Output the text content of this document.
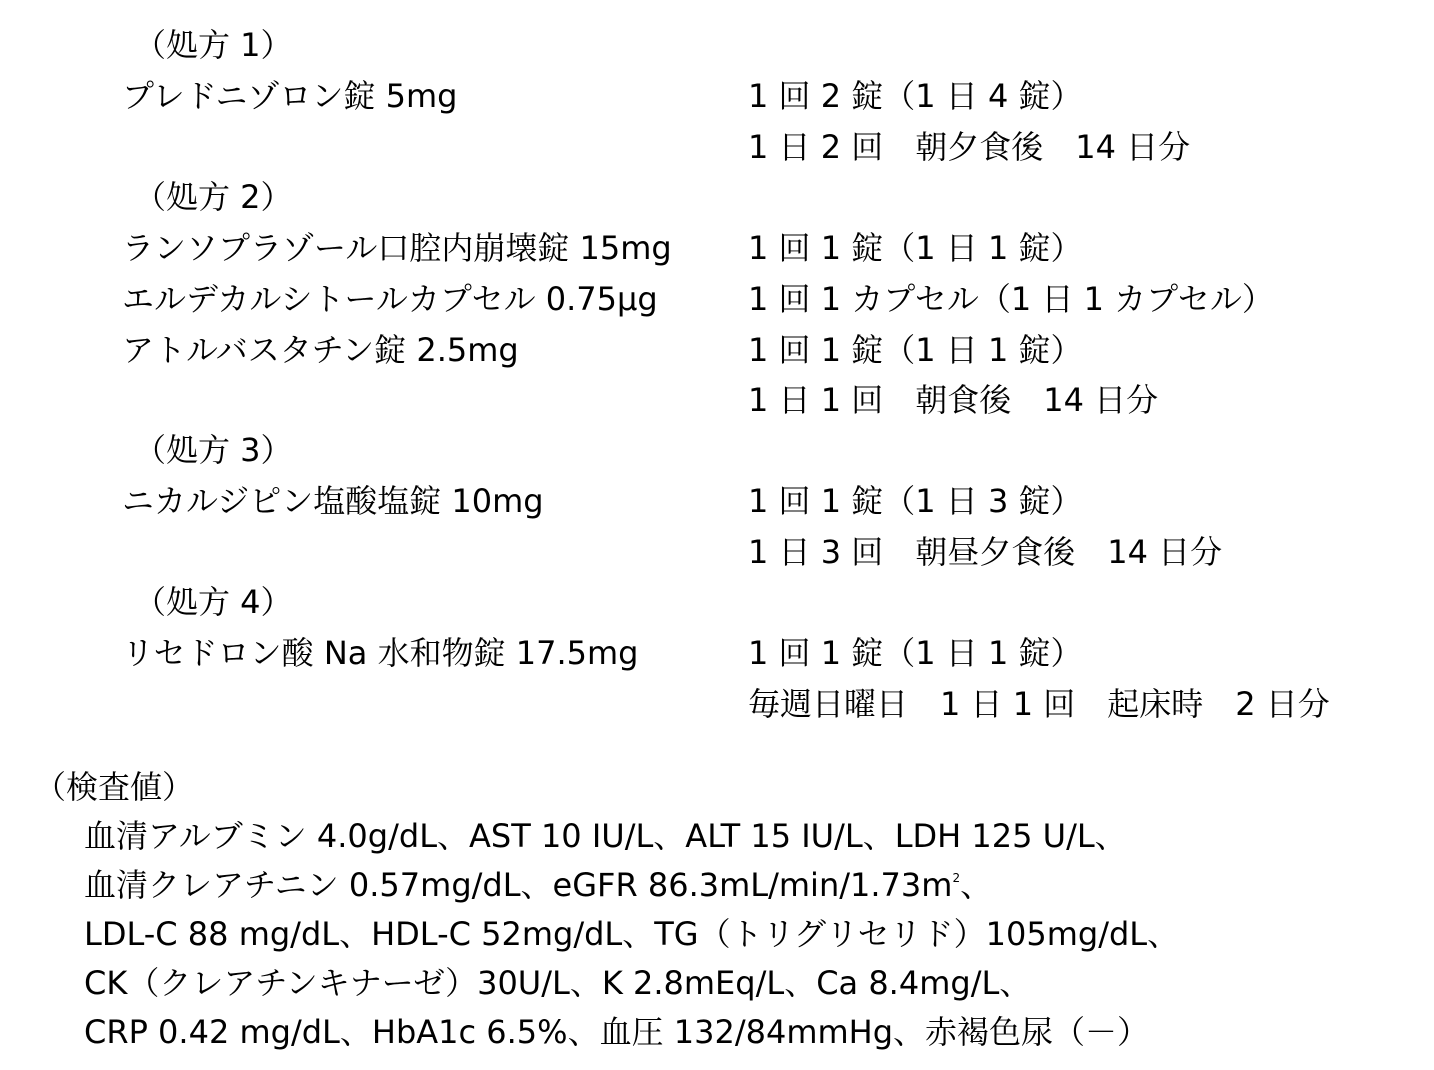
（処方 1）
プレドニゾロン錠 5mg	1 回 2 錠（1 日 4 錠）
1 日 2 回　朝夕食後　14 日分
（処方 2）
ランソプラゾール口腔内崩壊錠 15mg 1 回 1 錠（1 日 1 錠）
エルデカルシトールカプセル 0.75μg	1 回 1 カプセル（1 日 1 カプセル）
アトルバスタチン錠 2.5mg	1 回 1 錠（1 日 1 錠）
1 日 1 回　朝食後　14 日分
（処方 3）
ニカルジピン塩酸塩錠 10mg	1 回 1 錠（1 日 3 錠）
1 日 3 回　朝昼夕食後　14 日分
（処方 4）
リセドロン酸 Na 水和物錠 17.5mg	1 回 1 錠（1 日 1 錠）
毎週日曜日　1 日 1 回　起床時　2 日分
（検査値）
血清アルブミン 4.0g/dL、AST 10 IU/L、ALT 15 IU/L、LDH 125 U/L、
血清クレアチニン 0.57mg/dL、eGFR $86.3mL/\min/1.73m^2$、
LDL-C 88 mg/dL、HDL-C 52mg/dL、TG（トリグリセリド）105mg/dL、
CK（クレアチンキナーゼ）30U/L、K 2.8mEq/L、Ca 8.4mg/L、
CRP 0.42 mg/dL、HbA1c 6.5%、血圧 132/84mmHg、赤褐色尿（－）
